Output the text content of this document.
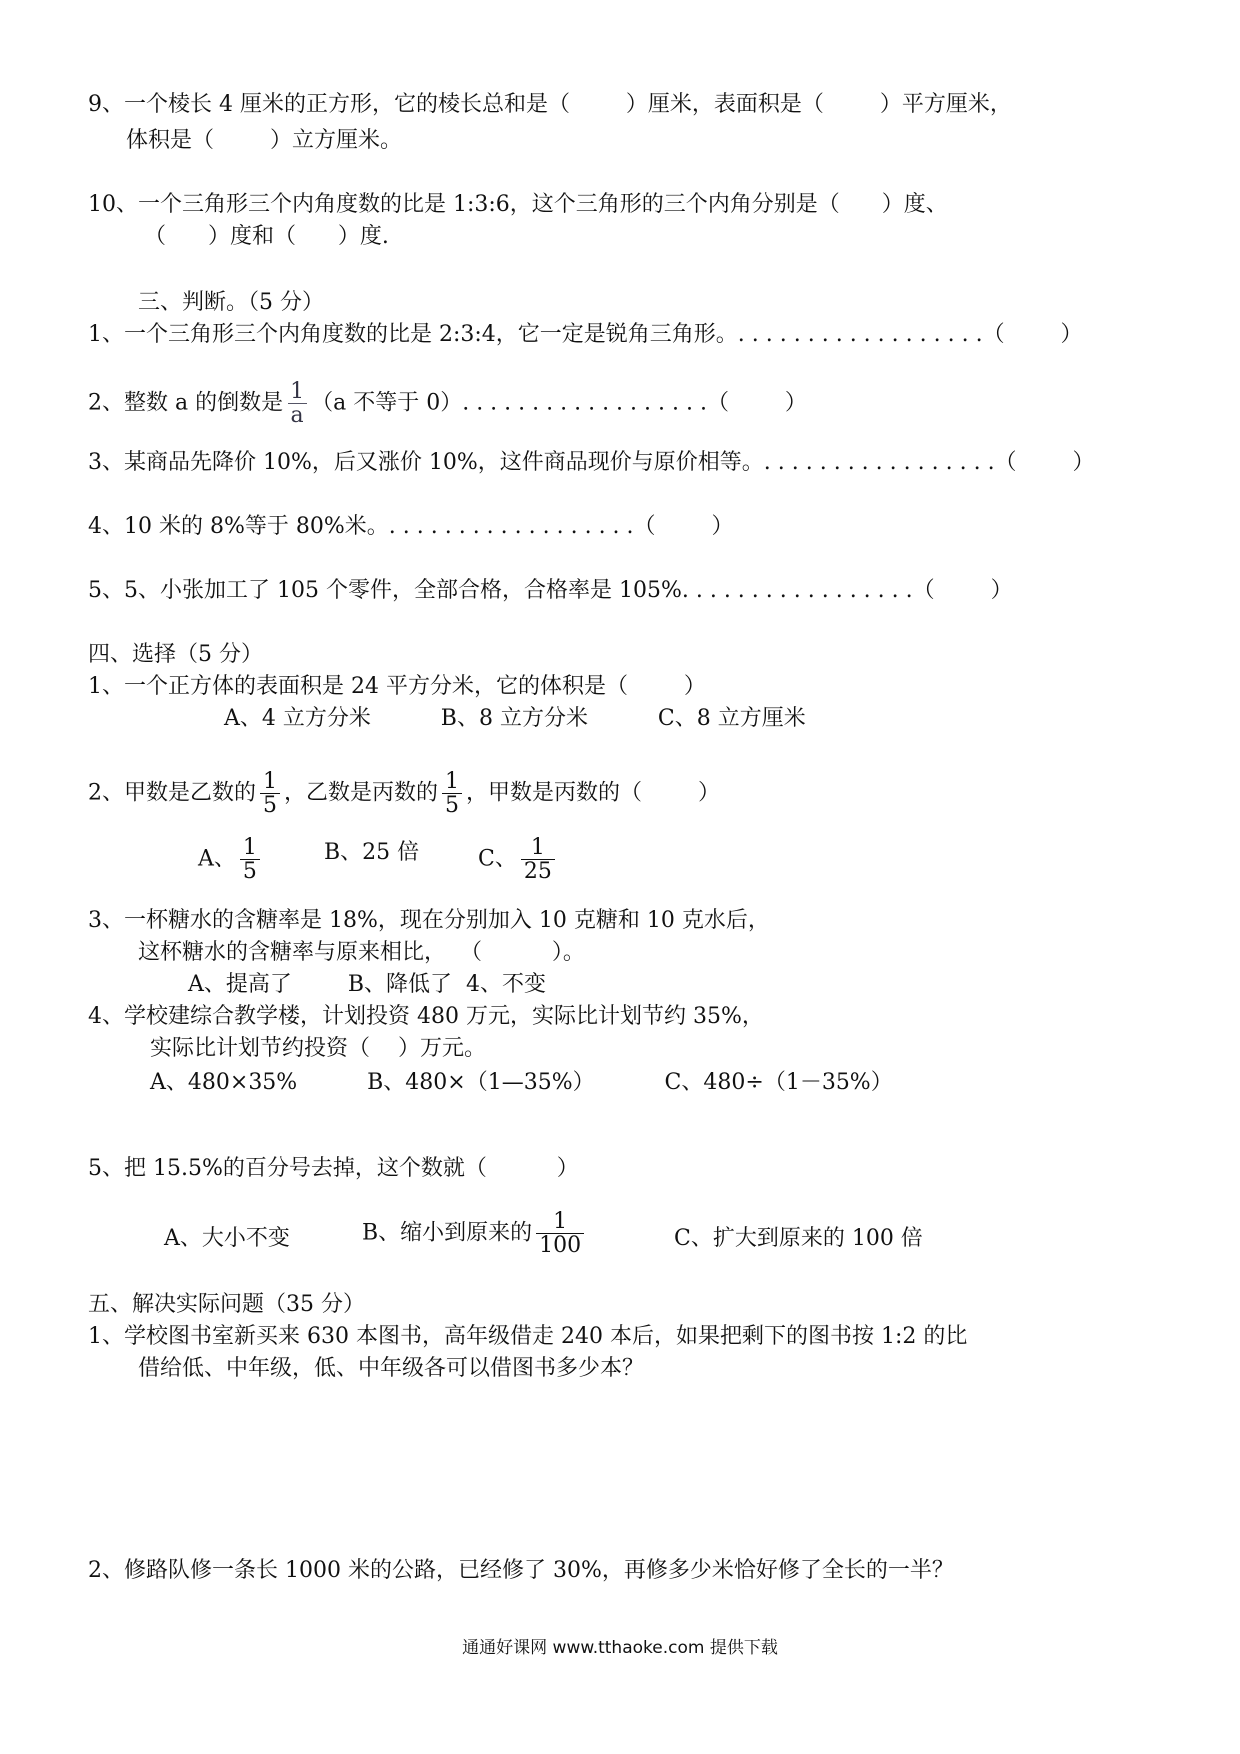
9、一个棱长 4 厘米的正方形，它的棱长总和是（        ）厘米，表面积是（        ）平方厘米，
体积是（        ）立方厘米。
10、一个三角形三个内角度数的比是 1:3:6，这个三角形的三个内角分别是（      ）度、
（      ）度和（      ）度.
三、判断。（5 分）
1、一个三角形三个内角度数的比是 2:3:4，它一定是锐角三角形。. . . . . . . . . . . . . . . . . .（        ）
2、整数 a 的倒数是 $\frac{1}{a} (a$ 不等于 0）. . . . . . . . . . . . . . . . . .（        ）
3、某商品先降价 10%，后又涨价 10%，这件商品现价与原价相等。. . . . . . . . . . . . . . . . .（        ）
4、10 米的 8%等于 80%米。. . . . . . . . . . . . . . . . . .（        ）
5、5、小张加工了 105 个零件，全部合格，合格率是 105%. . . . . . . . . . . . . . . . .（        ）
四、选择（5 分）
1、一个正方体的表面积是 24 平方分米，它的体积是（        ）
A、4 立方分米          B、8 立方分米          C、8 立方厘米
2、甲数是乙数的 $\frac{1}{5}$ ，乙数是丙数的 $\frac{1}{5}$ ，甲数是丙数的（        ）
A、 $\frac{1}{5}$	B、25 倍	C、 $\frac{1}{25}$
3、一杯糖水的含糖率是 18%，现在分别加入 10 克糖和 10 克水后，
这杯糖水的含糖率与原来相比，  （          ）。
A、提高了        B、降低了  4、不变
4、学校建综合教学楼，计划投资 480 万元，实际比计划节约 35%，
实际比计划节约投资（    ）万元。
A、480×35%          B、480×（1—35%）          C、480÷（1－35%）
5、把 15.5%的百分号去掉，这个数就（          ）
A、大小不变	B、缩小到原来的 $\frac{1}{100}$	C、扩大到原来的 100 倍
五、解决实际问题（35 分）
1、学校图书室新买来 630 本图书，高年级借走 240 本后，如果把剩下的图书按 1:2 的比
借给低、中年级，低、中年级各可以借图书多少本？
2、修路队修一条长 1000 米的公路，已经修了 30%，再修多少米恰好修了全长的一半？
通通好课网 www.tthaoke.com 提供下载
